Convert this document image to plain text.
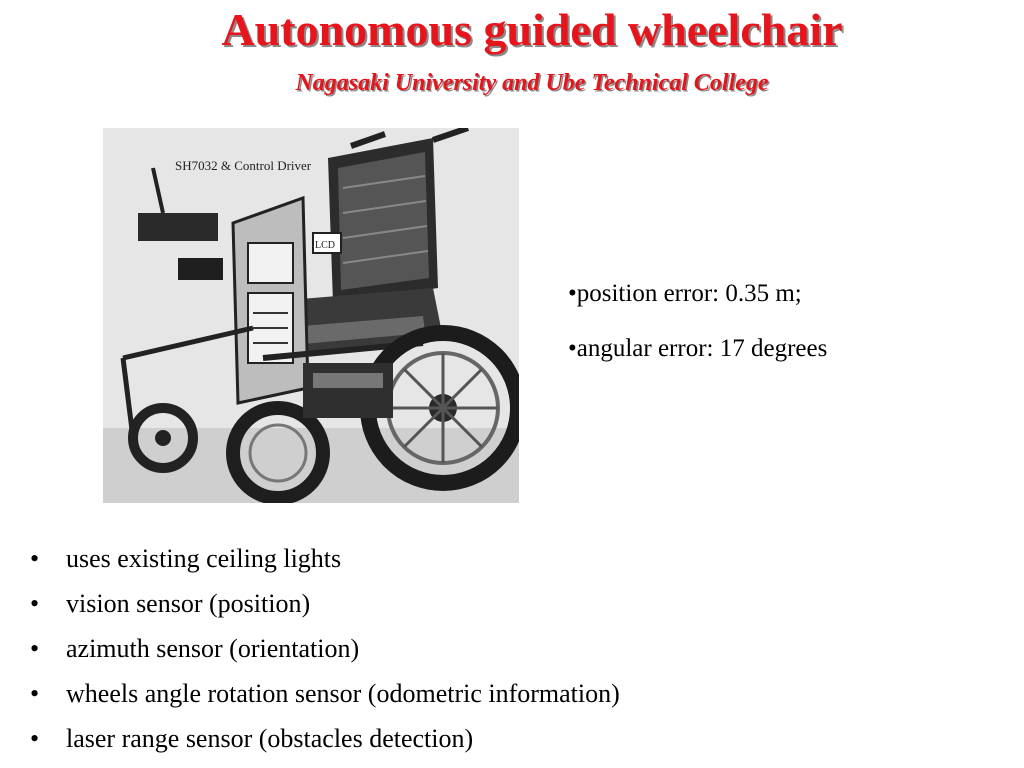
Autonomous guided wheelchair
Nagasaki University and Ube Technical College
SH7032 & Control Driver
LCD

•position error: 0.35 m;

•angular error: 17 degrees

• uses existing ceiling lights
• vision sensor (position)
• azimuth sensor (orientation)
• wheels angle rotation sensor (odometric information)
• laser range sensor (obstacles detection)
